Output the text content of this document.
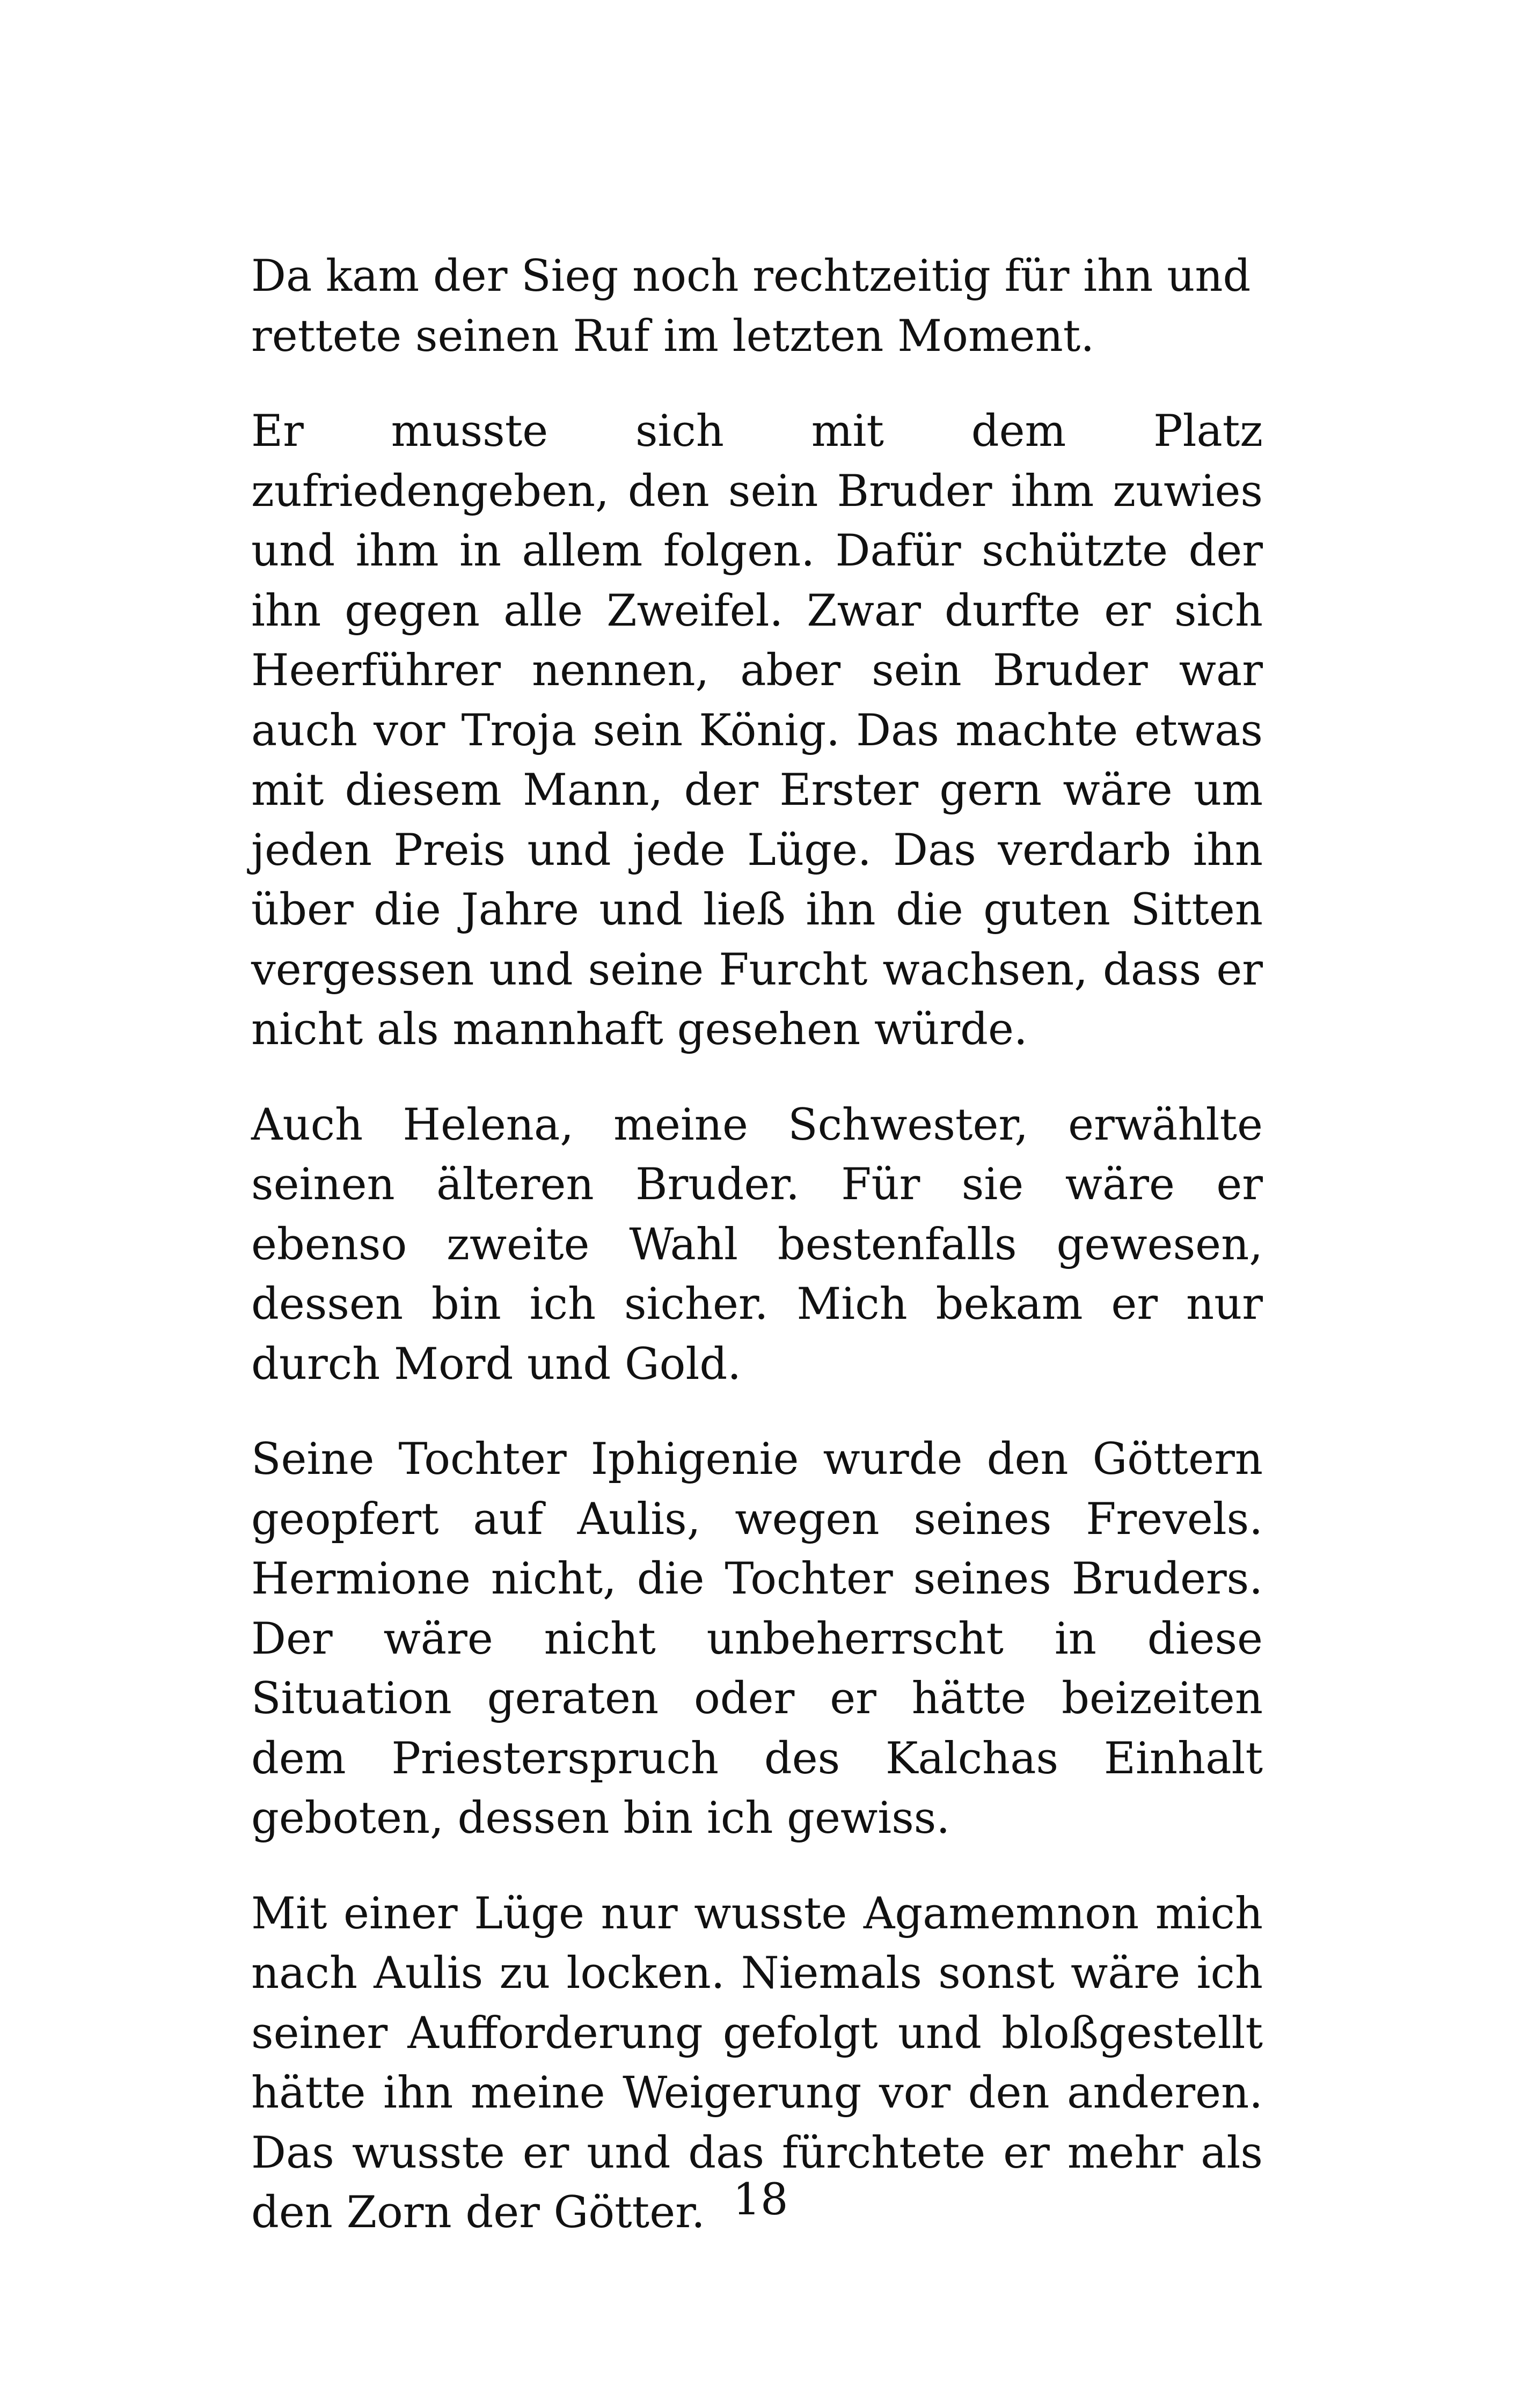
Da kam der Sieg noch rechtzeitig für ihn und rettete seinen Ruf im letzten Moment.

Er musste sich mit dem Platz zufriedengeben, den sein Bruder ihm zuwies und ihm in allem folgen. Dafür schützte der ihn gegen alle Zweifel. Zwar durfte er sich Heerführer nennen, aber sein Bruder war auch vor Troja sein König. Das machte etwas mit diesem Mann, der Erster gern wäre um jeden Preis und jede Lüge. Das verdarb ihn über die Jahre und ließ ihn die guten Sitten vergessen und seine Furcht wachsen, dass er nicht als mannhaft gesehen würde.

Auch Helena, meine Schwester, erwählte seinen älteren Bruder. Für sie wäre er ebenso zweite Wahl bestenfalls gewesen, dessen bin ich sicher. Mich bekam er nur durch Mord und Gold.

Seine Tochter Iphigenie wurde den Göttern geopfert auf Aulis, wegen seines Frevels. Hermione nicht, die Tochter seines Bruders. Der wäre nicht unbeherrscht in diese Situation geraten oder er hätte beizeiten dem Priesterspruch des Kalchas Einhalt geboten, dessen bin ich gewiss.

Mit einer Lüge nur wusste Agamemnon mich nach Aulis zu locken. Niemals sonst wäre ich seiner Aufforderung gefolgt und bloßgestellt hätte ihn meine Weigerung vor den anderen. Das wusste er und das fürchtete er mehr als den Zorn der Götter. 18
